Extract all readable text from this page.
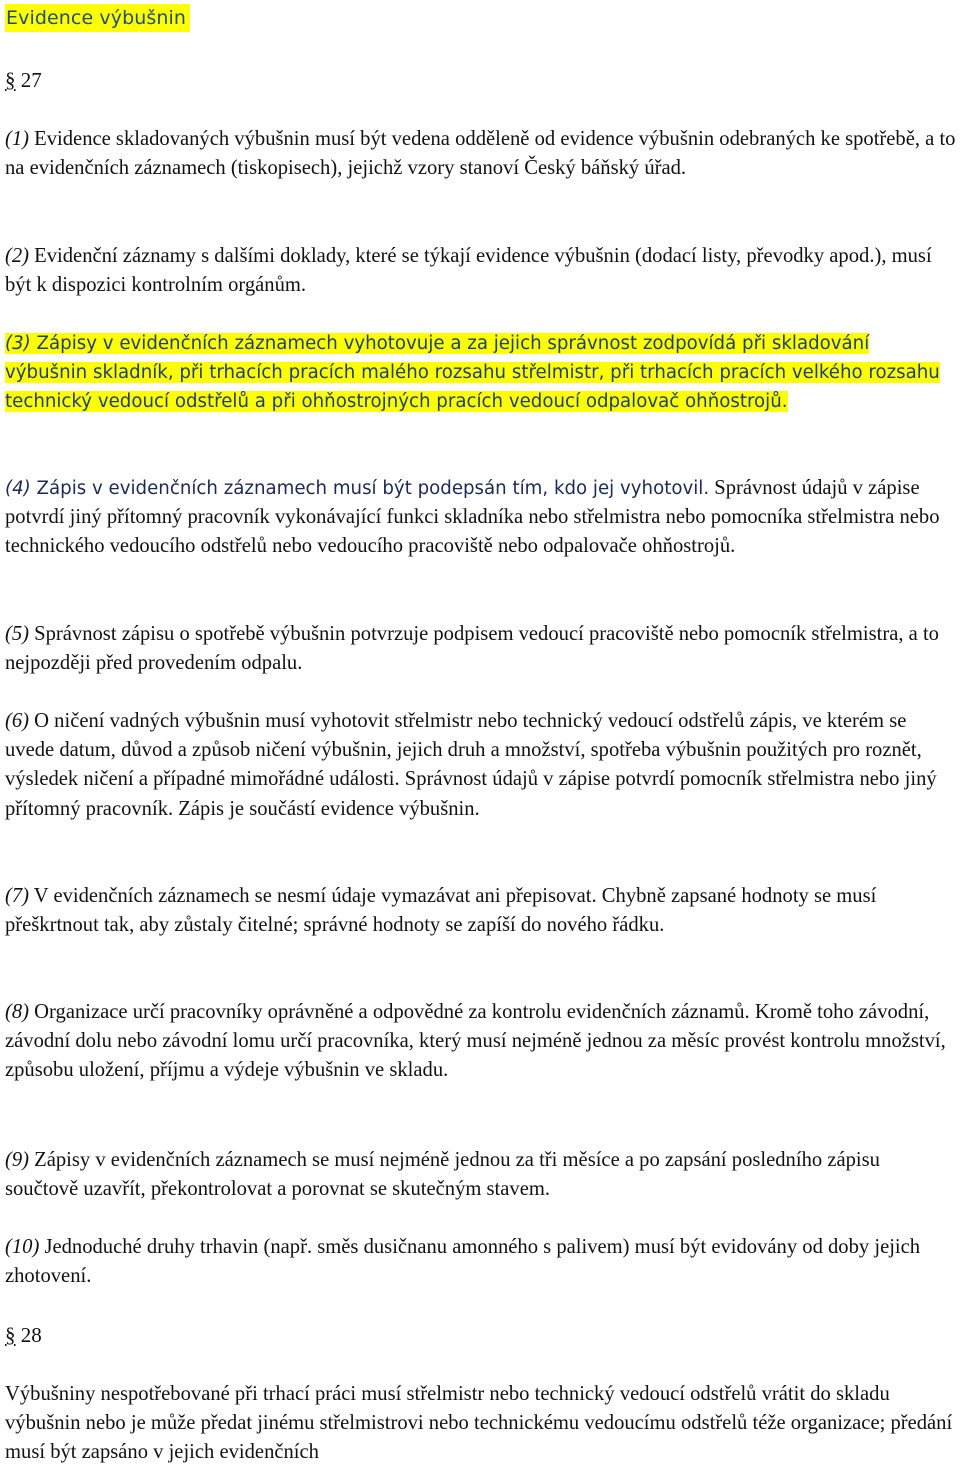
Evidence výbušnin
§ 27

(1) Evidence skladovaných výbušnin musí být vedena odděleně od evidence výbušnin odebraných ke spotřebě, a to na evidenčních záznamech (tiskopisech), jejichž vzory stanoví Český báňský úřad.

(2) Evidenční záznamy s dalšími doklady, které se týkají evidence výbušnin (dodací listy, převodky apod.), musí být k dispozici kontrolním orgánům.

(3) Zápisy v evidenčních záznamech vyhotovuje a za jejich správnost zodpovídá při skladování výbušnin skladník, při trhacích pracích malého rozsahu střelmistr, při trhacích pracích velkého rozsahu technický vedoucí odstřelů a při ohňostrojných pracích vedoucí odpalovač ohňostrojů.

(4) Zápis v evidenčních záznamech musí být podepsán tím, kdo jej vyhotovil. Správnost údajů v zápise potvrdí jiný přítomný pracovník vykonávající funkci skladníka nebo střelmistra nebo pomocníka střelmistra nebo technického vedoucího odstřelů nebo vedoucího pracoviště nebo odpalovače ohňostrojů.

(5) Správnost zápisu o spotřebě výbušnin potvrzuje podpisem vedoucí pracoviště nebo pomocník střelmistra, a to nejpozději před provedením odpalu.

(6) O ničení vadných výbušnin musí vyhotovit střelmistr nebo technický vedoucí odstřelů zápis, ve kterém se uvede datum, důvod a způsob ničení výbušnin, jejich druh a množství, spotřeba výbušnin použitých pro roznět, výsledek ničení a případné mimořádné události. Správnost údajů v zápise potvrdí pomocník střelmistra nebo jiný přítomný pracovník. Zápis je součástí evidence výbušnin.

(7) V evidenčních záznamech se nesmí údaje vymazávat ani přepisovat. Chybně zapsané hodnoty se musí přeškrtnout tak, aby zůstaly čitelné; správné hodnoty se zapíší do nového řádku.

(8) Organizace určí pracovníky oprávněné a odpovědné za kontrolu evidenčních záznamů. Kromě toho závodní, závodní dolu nebo závodní lomu určí pracovníka, který musí nejméně jednou za měsíc provést kontrolu množství, způsobu uložení, příjmu a výdeje výbušnin ve skladu.

(9) Zápisy v evidenčních záznamech se musí nejméně jednou za tři měsíce a po zapsání posledního zápisu součtově uzavřít, překontrolovat a porovnat se skutečným stavem.

(10) Jednoduché druhy trhavin (např. směs dusičnanu amonného s palivem) musí být evidovány od doby jejich zhotovení.

§ 28

Výbušniny nespotřebované při trhací práci musí střelmistr nebo technický vedoucí odstřelů vrátit do skladu výbušnin nebo je může předat jinému střelmistrovi nebo technickému vedoucímu odstřelů téže organizace; předání musí být zapsáno v jejich evidenčních
